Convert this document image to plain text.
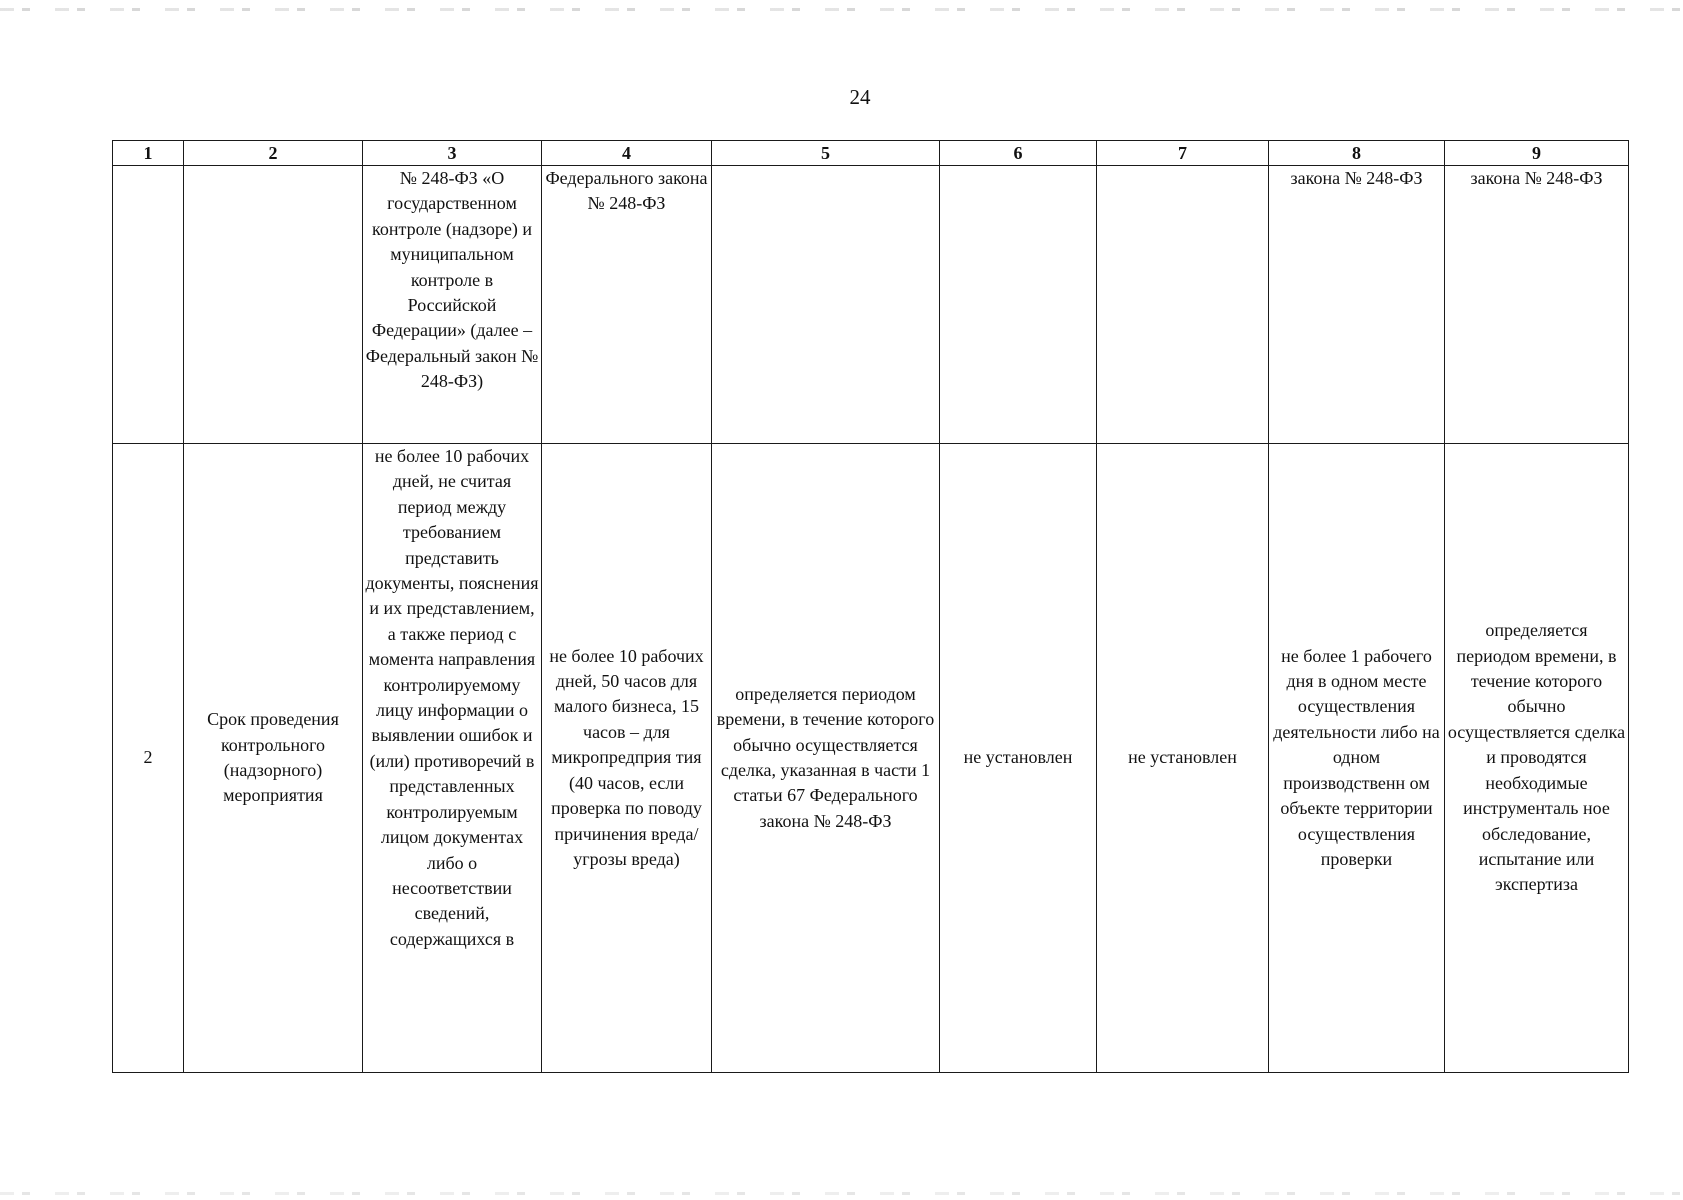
24
1	2	3	4	5	6	7	8	9
		№ 248-ФЗ «О государственном контроле (надзоре) и муниципальном контроле в Российской Федерации» (далее – Федеральный закон № 248-ФЗ)	Федерального закона № 248-ФЗ				закона № 248-ФЗ	закона № 248-ФЗ
2	Срок проведения контрольного (надзорного) мероприятия	не более 10 рабочих дней, не считая период между требованием представить документы, пояснения и их представлением, а также период с момента направления контролируемому лицу информации о выявлении ошибок и (или) противоречий в представленных контролируемым лицом документах либо о несоответствии сведений, содержащихся в	не более 10 рабочих дней, 50 часов для малого бизнеса, 15 часов – для микропредприя тия (40 часов, если проверка по поводу причинения вреда/угрозы вреда)	определяется периодом времени, в течение которого обычно осуществляется сделка, указанная в части 1 статьи 67 Федерального закона № 248-ФЗ	не установлен	не установлен	не более 1 рабочего дня в одном месте осуществления деятельности либо на одном производственн ом объекте территории осуществления проверки	определяется периодом времени, в течение которого обычно осуществляется сделка и проводятся необходимые инструменталь ное обследование, испытание или экспертиза
